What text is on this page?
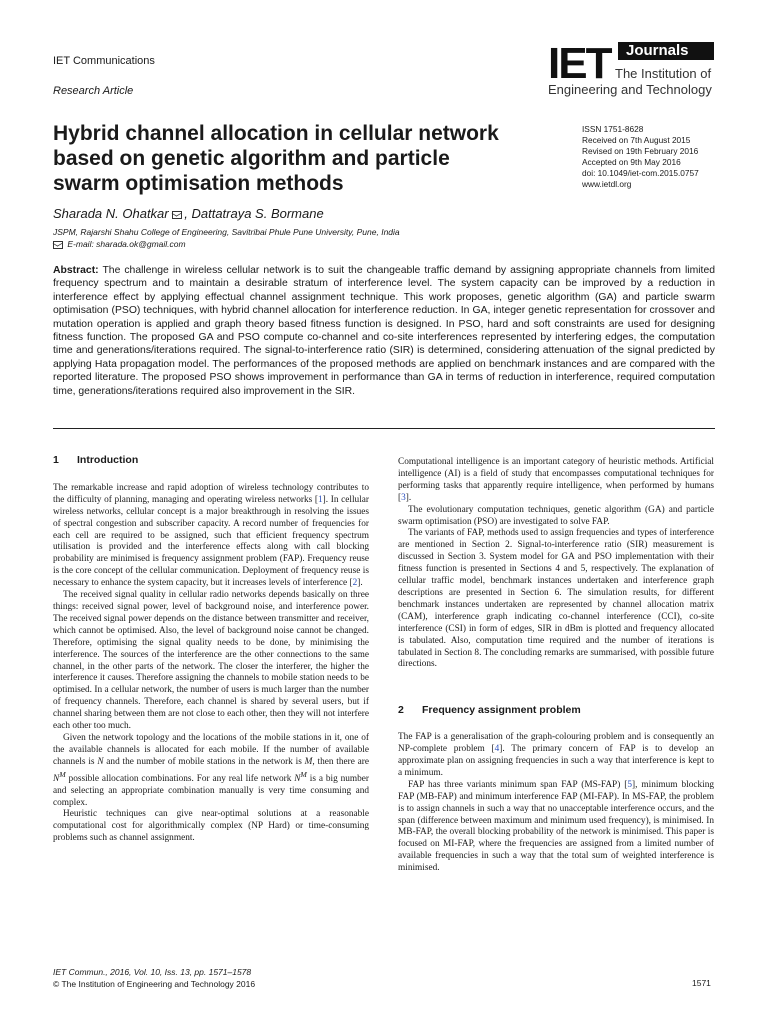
IET Communications
Research Article
IET Journals
The Institution of
Engineering and Technology
Hybrid channel allocation in cellular network
based on genetic algorithm and particle
swarm optimisation methods
ISSN 1751-8628
Received on 7th August 2015
Revised on 19th February 2016
Accepted on 9th May 2016
doi: 10.1049/iet-com.2015.0757
www.ietdl.org
Sharada N. Ohatkar , Dattatraya S. Bormane
JSPM, Rajarshi Shahu College of Engineering, Savitribai Phule Pune University, Pune, India
E-mail: sharada.ok@gmail.com
Abstract: The challenge in wireless cellular network is to suit the changeable traffic demand by assigning appropriate channels from limited frequency spectrum and to maintain a desirable stratum of interference level. The system capacity can be improved by a reduction in interference effect by applying effectual channel assignment technique. This work proposes, genetic algorithm (GA) and particle swarm optimisation (PSO) techniques, with hybrid channel allocation for interference reduction. In GA, integer genetic representation for crossover and mutation operation is applied and graph theory based fitness function is designed. In PSO, hard and soft constraints are used for designing fitness function. The proposed GA and PSO compute co-channel and co-site interferences represented by interfering edges, the computation time and generations/iterations required. The signal-to-interference ratio (SIR) is determined, considering attenuation of the signal predicted by applying Hata propagation model. The performances of the proposed methods are applied on benchmark instances and are compared with the reported literature. The proposed PSO shows improvement in performance than GA in terms of reduction in interference, required computation time, generations/iterations required also improvement in the SIR.
1 Introduction

The remarkable increase and rapid adoption of wireless technology contributes to the difficulty of planning, managing and operating wireless networks [1]. In cellular wireless networks, cellular concept is a major breakthrough in resolving the issues of spectral congestion and subscriber capacity. A record number of frequencies for each cell are required to be assigned, such that efficient frequency spectrum utilisation is provided and the interference effects along with call blocking probability are minimised is frequency assignment problem (FAP). Frequency reuse is the core concept of the cellular communication. Deployment of frequency reuse is necessary to enhance the system capacity, but it increases levels of interference [2].

The received signal quality in cellular radio networks depends basically on three things: received signal power, level of background noise, and interference power. The received signal power depends on the distance between transmitter and receiver, which cannot be optimised. Also, the level of background noise cannot be changed. Therefore, optimising the signal quality needs to be done, by minimising the interference. The sources of the interference are the other connections to the same channel, in the other parts of the network. The closer the interferer, the higher the interference it causes. Therefore assigning the channels to mobile station needs to be optimised. In a cellular network, the number of users is much larger than the number of frequency channels. Therefore, each channel is shared by several users, but if channel sharing between them are not close to each other, then they will not interfere each other too much.

Given the network topology and the locations of the mobile stations in it, one of the available channels is allocated for each mobile. If the number of available channels is N and the number of mobile stations in the network is M, then there are $N^M$ possible allocation combinations. For any real life network $N^M$ is a big number and selecting an appropriate combination manually is very time consuming and complex.

Heuristic techniques can give near-optimal solutions at a reasonable computational cost for algorithmically complex (NP Hard) or time-consuming problems such as channel assignment.

Computational intelligence is an important category of heuristic methods. Artificial intelligence (AI) is a field of study that encompasses computational techniques for performing tasks that apparently require intelligence, when performed by humans [3].

The evolutionary computation techniques, genetic algorithm (GA) and particle swarm optimisation (PSO) are investigated to solve FAP.

The variants of FAP, methods used to assign frequencies and types of interference are mentioned in Section 2. Signal-to-interference ratio (SIR) measurement is discussed in Section 3. System model for GA and PSO implementation with their fitness function is presented in Sections 4 and 5, respectively. The explanation of cellular traffic model, benchmark instances undertaken and interference graph descriptions are presented in Section 6. The simulation results, for different benchmark instances undertaken are represented by channel allocation matrix (CAM), interference graph indicating co-channel interference (CCI), co-site interference (CSI) in form of edges, SIR in dBm is plotted and frequency allocated is tabulated. Also, computation time required and the number of iterations is tabulated in Section 8. The concluding remarks are summarised, with possible future directions.

2 Frequency assignment problem

The FAP is a generalisation of the graph-colouring problem and is consequently an NP-complete problem [4]. The primary concern of FAP is to develop an approximate plan on assigning frequencies in such a way that interference is kept to a minimum.

FAP has three variants minimum span FAP (MS-FAP) [5], minimum blocking FAP (MB-FAP) and minimum interference FAP (MI-FAP). In MS-FAP, the problem is to assign channels in such a way that no unacceptable interference occurs, and the span (difference between maximum and minimum used frequency), is minimised. In MB-FAP, the overall blocking probability of the network is minimised. This paper is focused on MI-FAP, where the frequencies are assigned from a limited number of available frequencies in such a way that the total sum of weighted interference is minimised.

IET Commun., 2016, Vol. 10, Iss. 13, pp. 1571–1578
© The Institution of Engineering and Technology 2016	1571
